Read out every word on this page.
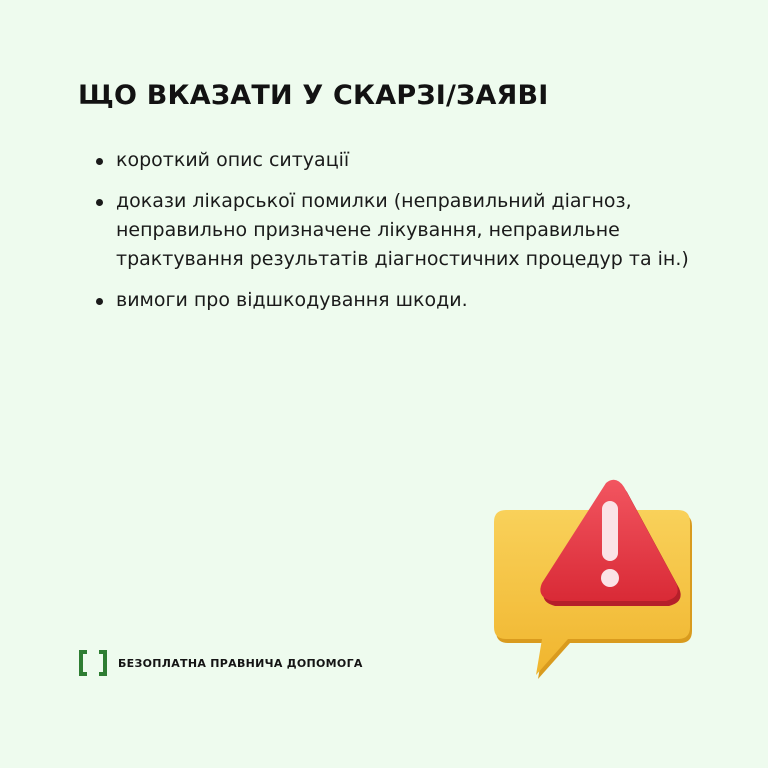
ЩО ВКАЗАТИ У СКАРЗІ/ЗАЯВІ
короткий опис ситуації
докази лікарської помилки (неправильний діагноз, неправильно призначене лікування, неправильне трактування результатів діагностичних процедур та ін.)
вимоги про відшкодування шкоди.
БЕЗОПЛАТНА ПРАВНИЧА ДОПОМОГА
